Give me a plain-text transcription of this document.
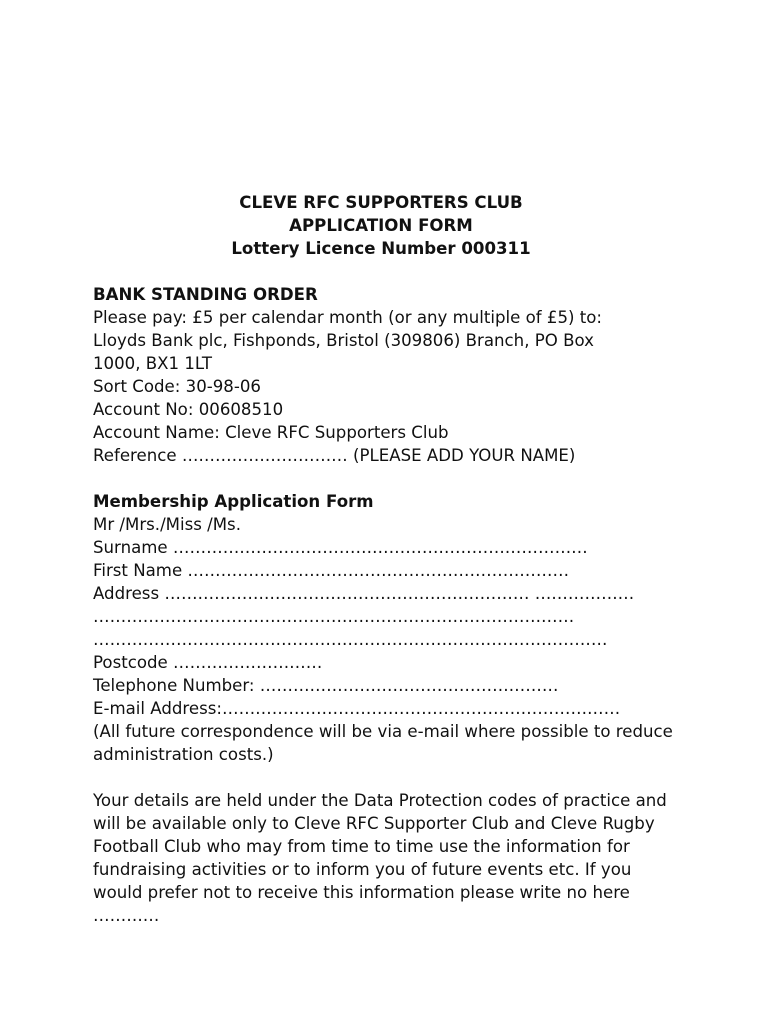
CLEVE RFC SUPPORTERS CLUB
APPLICATION FORM
Lottery Licence Number 000311
BANK STANDING ORDER
Please pay: £5 per calendar month (or any multiple of £5) to:
Lloyds Bank plc, Fishponds, Bristol (309806) Branch, PO Box
1000, BX1 1LT
Sort Code: 30-98-06
Account No: 00608510
Account Name: Cleve RFC Supporters Club
Reference ………………………… (PLEASE ADD YOUR NAME)
Membership Application Form
Mr /Mrs./Miss /Ms.
Surname …………………………………………………………………
First Name ……………………………………………………………
Address ………………………………………………………… ………………
……………………………………………………………………………
…………………………………………………………………………………
Postcode ………………………
Telephone Number: ………………………………………………
E-mail Address:………………………………………………………………
(All future correspondence will be via e-mail where possible to reduce administration costs.)
Your details are held under the Data Protection codes of practice and will be available only to Cleve RFC Supporter Club and Cleve Rugby Football Club who may from time to time use the information for fundraising activities or to inform you of future events etc. If you would prefer not to receive this information please write no here …………
